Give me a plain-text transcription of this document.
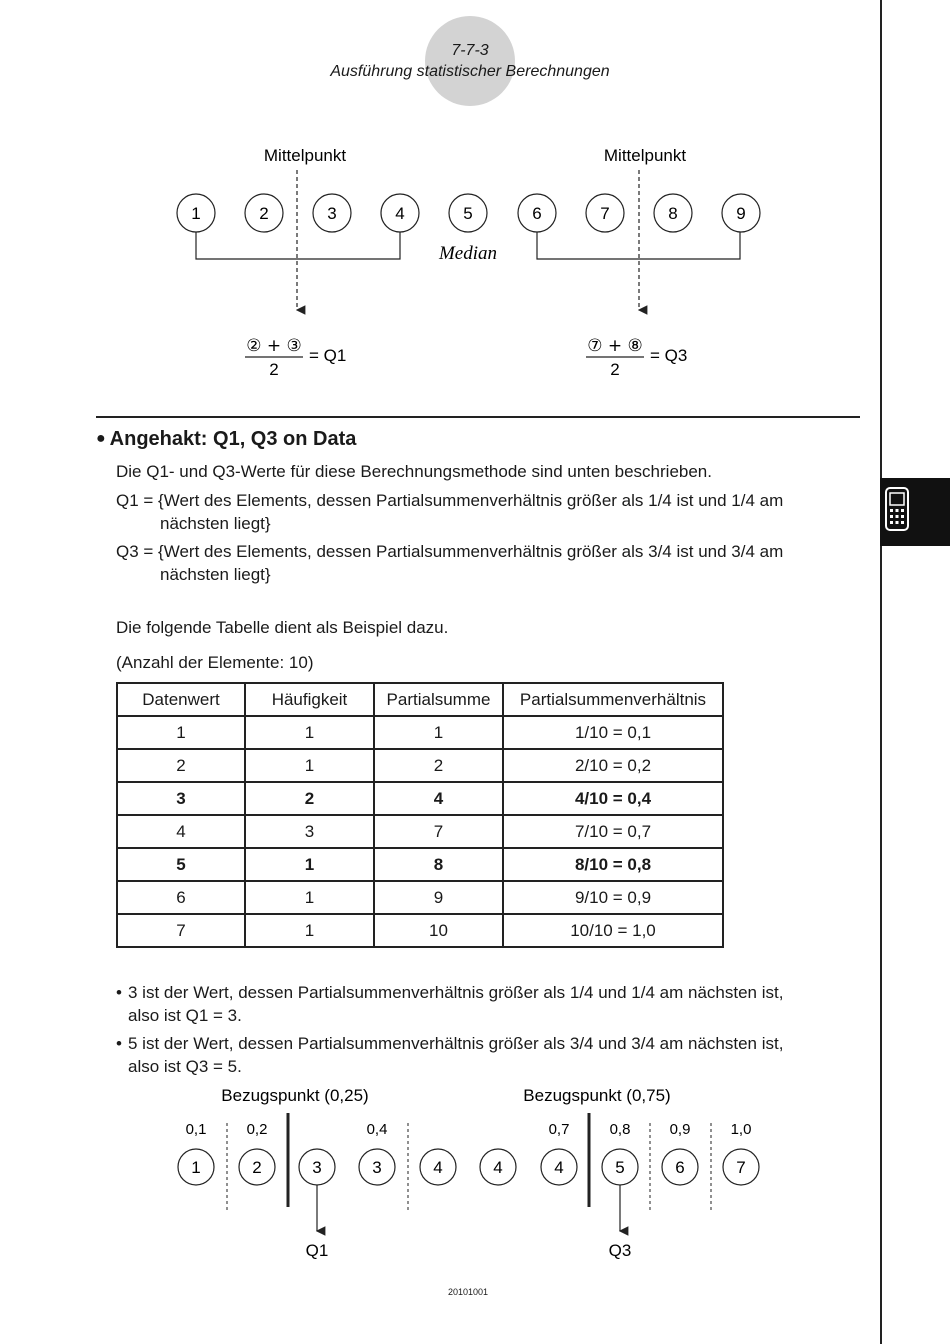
7-7-3
Ausführung statistischer Berechnungen
Mittelpunkt	Mittelpunkt
1	2	3	4	5	6	7	8	9
Median
② + ③
2
= Q1	⑦ + ⑧
2
= Q3
● Angehakt: Q1, Q3 on Data
Die Q1- und Q3-Werte für diese Berechnungsmethode sind unten beschrieben.
Q1 = {Wert des Elements, dessen Partialsummenverhältnis größer als 1/4 ist und 1/4 am
nächsten liegt}
Q3 = {Wert des Elements, dessen Partialsummenverhältnis größer als 3/4 ist und 3/4 am
nächsten liegt}
Die folgende Tabelle dient als Beispiel dazu.
(Anzahl der Elemente: 10)
Datenwert	Häufigkeit	Partialsumme	Partialsummenverhältnis
1	1	1	1/10 = 0,1
2	1	2	2/10 = 0,2
3	2	4	4/10 = 0,4
4	3	7	7/10 = 0,7
5	1	8	8/10 = 0,8
6	1	9	9/10 = 0,9
7	1	10	10/10 = 1,0
• 3 ist der Wert, dessen Partialsummenverhältnis größer als 1/4 und 1/4 am nächsten ist,
also ist Q1 = 3.
• 5 ist der Wert, dessen Partialsummenverhältnis größer als 3/4 und 3/4 am nächsten ist,
also ist Q3 = 5.
Bezugspunkt (0,25)	Bezugspunkt (0,75)
0,1	0,2	0,4	0,7	0,8	0,9	1,0
1	2	3	3	4	4	4	5	6	7
Q1	Q3
20101001
